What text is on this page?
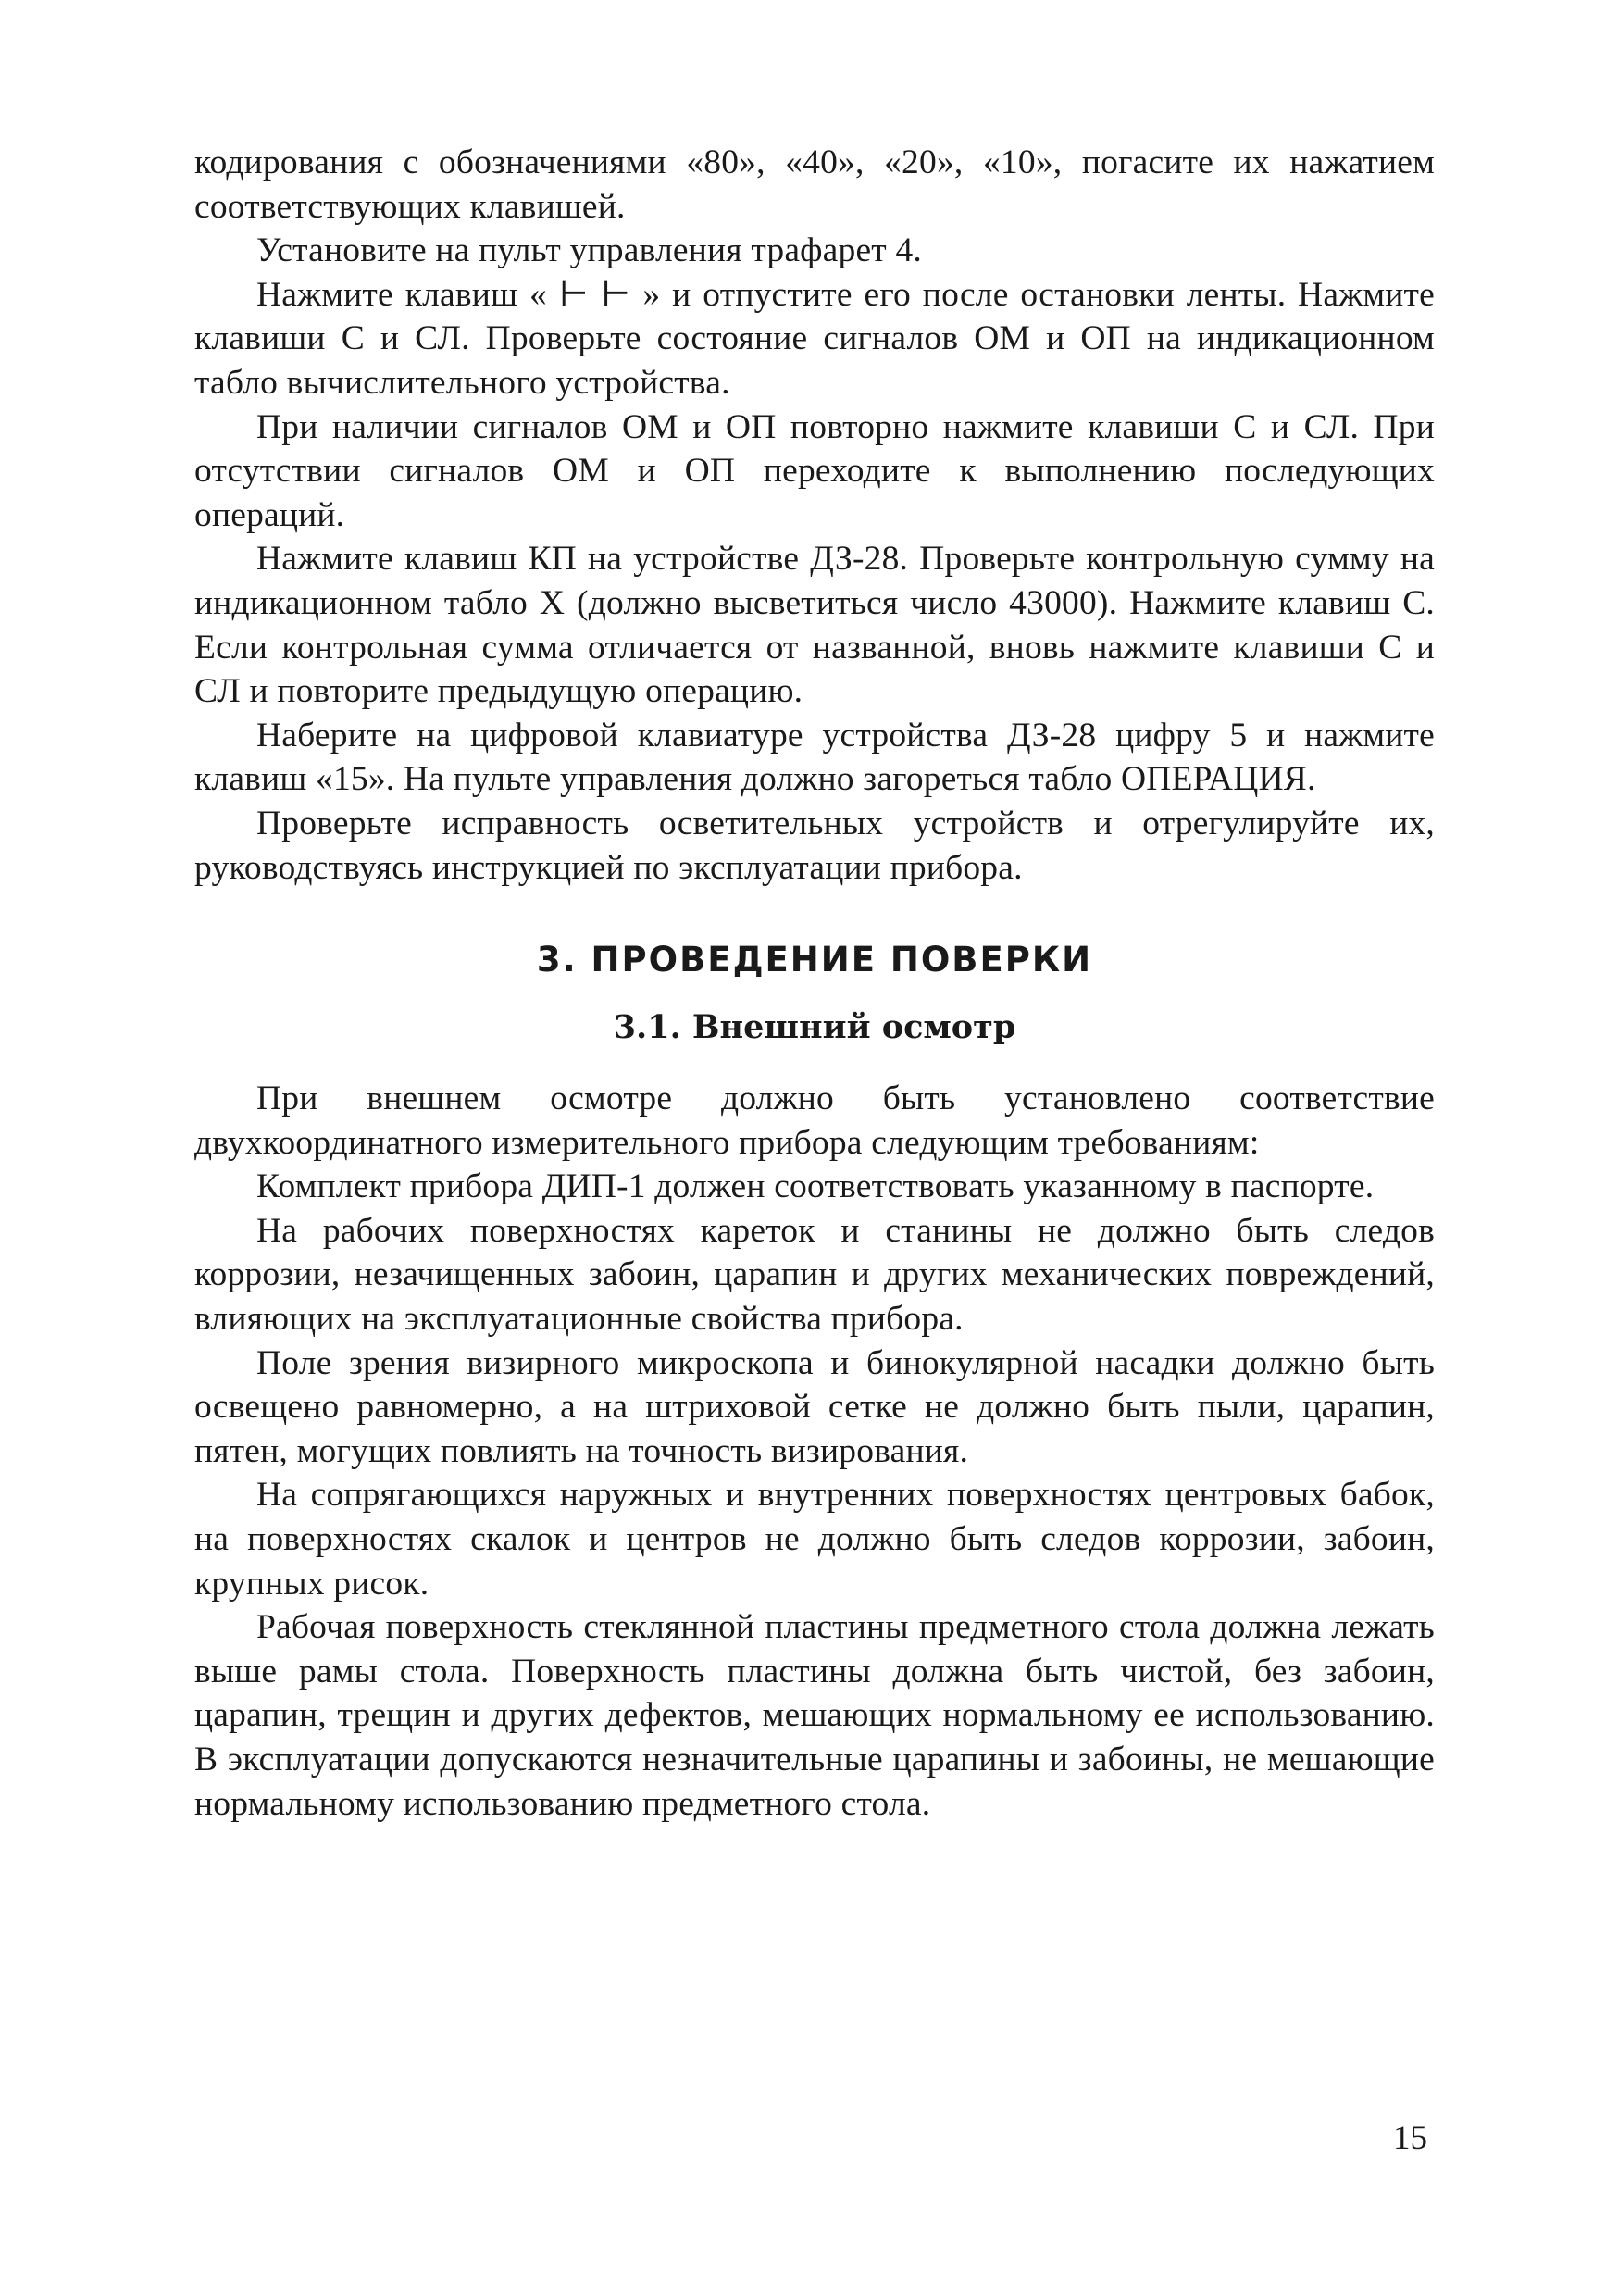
кодирования с обозначениями «80», «40», «20», «10», погасите их нажатием соответствующих клавишей.

Установите на пульт управления трафарет 4.

Нажмите клавиш « ⊢ ⊢ » и отпустите его после остановки ленты. Нажмите клавиши С и СЛ. Проверьте состояние сигналов ОМ и ОП на индикационном табло вычислительного устройства.

При наличии сигналов ОМ и ОП повторно нажмите клавиши С и СЛ. При отсутствии сигналов ОМ и ОП переходите к выполнению последующих операций.

Нажмите клавиш КП на устройстве ДЗ-28. Проверьте контрольную сумму на индикационном табло Х (должно высветиться число 43000). Нажмите клавиш С. Если контрольная сумма отличается от названной, вновь нажмите клавиши С и СЛ и повторите предыдущую операцию.

Наберите на цифровой клавиатуре устройства ДЗ-28 цифру 5 и нажмите клавиш «15». На пульте управления должно загореться табло ОПЕРАЦИЯ.

Проверьте исправность осветительных устройств и отрегулируйте их, руководствуясь инструкцией по эксплуатации прибора.

3. ПРОВЕДЕНИЕ ПОВЕРКИ
3.1. Внешний осмотр

При внешнем осмотре должно быть установлено соответствие двухкоординатного измерительного прибора следующим требованиям:

Комплект прибора ДИП-1 должен соответствовать указанному в паспорте.

На рабочих поверхностях кареток и станины не должно быть следов коррозии, незачищенных забоин, царапин и других механических повреждений, влияющих на эксплуатационные свойства прибора.

Поле зрения визирного микроскопа и бинокулярной насадки должно быть освещено равномерно, а на штриховой сетке не должно быть пыли, царапин, пятен, могущих повлиять на точность визирования.

На сопрягающихся наружных и внутренних поверхностях центровых бабок, на поверхностях скалок и центров не должно быть следов коррозии, забоин, крупных рисок.

Рабочая поверхность стеклянной пластины предметного стола должна лежать выше рамы стола. Поверхность пластины должна быть чистой, без забоин, царапин, трещин и других дефектов, мешающих нормальному ее использованию. В эксплуатации допускаются незначительные царапины и забоины, не мешающие нормальному использованию предметного стола.

15
